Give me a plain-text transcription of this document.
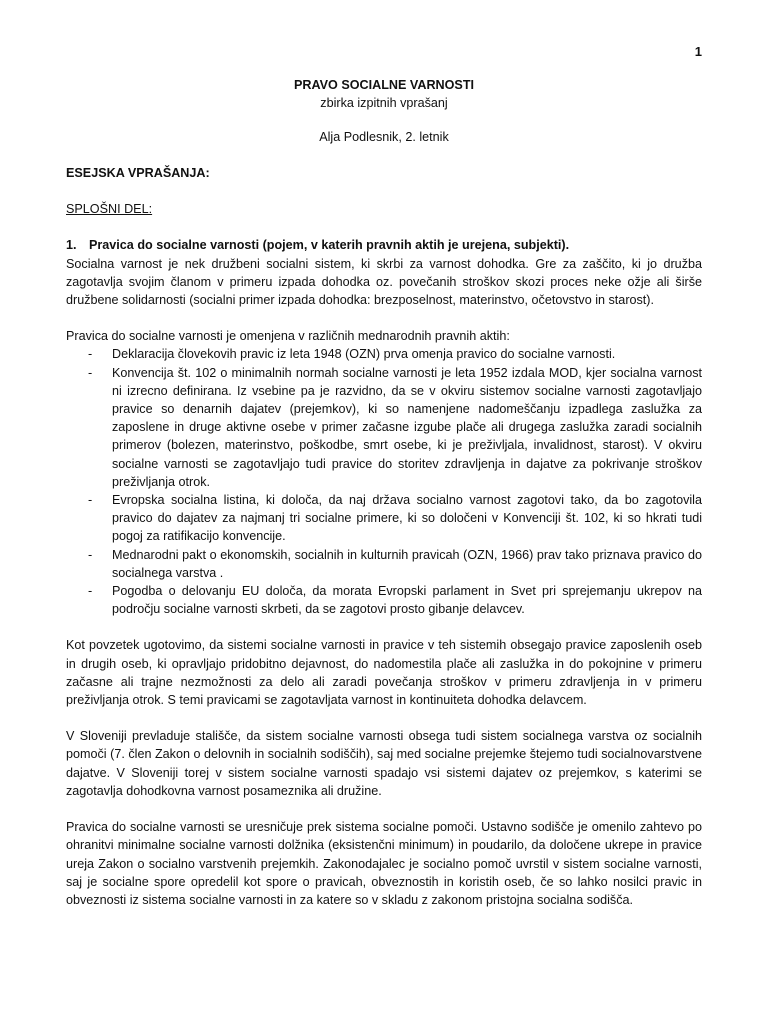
1
PRAVO SOCIALNE VARNOSTI
zbirka izpitnih vprašanj
Alja Podlesnik, 2. letnik
ESEJSKA VPRAŠANJA:
SPLOŠNI DEL:
1. Pravica do socialne varnosti (pojem, v katerih pravnih aktih je urejena, subjekti).

Socialna varnost je nek družbeni socialni sistem, ki skrbi za varnost dohodka. Gre za zaščito, ki jo družba zagotavlja svojim članom v primeru izpada dohodka oz. povečanih stroškov skozi proces neke ožje ali širše družbene solidarnosti (socialni primer izpada dohodka: brezposelnost, materinstvo, očetovstvo in starost).

Pravica do socialne varnosti je omenjena v različnih mednarodnih pravnih aktih:

-	Deklaracija človekovih pravic iz leta 1948 (OZN) prva omenja pravico do socialne varnosti.
-	Konvencija št. 102 o minimalnih normah socialne varnosti je leta 1952 izdala MOD, kjer socialna varnost ni izrecno definirana. Iz vsebine pa je razvidno, da se v okviru sistemov socialne varnosti zagotavljajo pravice so denarnih dajatev (prejemkov), ki so namenjene nadomeščanju izpadlega zaslužka za zaposlene in druge aktivne osebe v primer začasne izgube plače ali drugega zaslužka zaradi socialnih primerov (bolezen, materinstvo, poškodbe, smrt osebe, ki je preživljala, invalidnost, starost). V okviru socialne varnosti se zagotavljajo tudi pravice do storitev zdravljenja in dajatve za pokrivanje stroškov preživljanja otrok.
-	Evropska socialna listina, ki določa, da naj država socialno varnost zagotovi tako, da bo zagotovila pravico do dajatev za najmanj tri socialne primere, ki so določeni v Konvenciji št. 102, ki so hkrati tudi pogoj za ratifikacijo konvencije.
-	Mednarodni pakt o ekonomskih, socialnih in kulturnih pravicah (OZN, 1966) prav tako priznava pravico do socialnega varstva .
-	Pogodba o delovanju EU določa, da morata Evropski parlament in Svet pri sprejemanju ukrepov na področju socialne varnosti skrbeti, da se zagotovi prosto gibanje delavcev.

Kot povzetek ugotovimo, da sistemi socialne varnosti in pravice v teh sistemih obsegajo pravice zaposlenih oseb in drugih oseb, ki opravljajo pridobitno dejavnost, do nadomestila plače ali zaslužka in do pokojnine v primeru začasne ali trajne nezmožnosti za delo ali zaradi povečanja stroškov v primeru zdravljenja in v primeru preživljanja otrok. S temi pravicami se zagotavljata varnost in kontinuiteta dohodka delavcem.

V Sloveniji prevladuje stališče, da sistem socialne varnosti obsega tudi sistem socialnega varstva oz socialnih pomoči (7. člen Zakon o delovnih in socialnih sodiščih), saj med socialne prejemke štejemo tudi socialnovarstvene dajatve. V Sloveniji torej v sistem socialne varnosti spadajo vsi sistemi dajatev oz prejemkov, s katerimi se zagotavlja dohodkovna varnost posameznika ali družine.

Pravica do socialne varnosti se uresničuje prek sistema socialne pomoči. Ustavno sodišče je omenilo zahtevo po ohranitvi minimalne socialne varnosti dolžnika (eksistenčni minimum) in poudarilo, da določene ukrepe in pravice ureja Zakon o socialno varstvenih prejemkih. Zakonodajalec je socialno pomoč uvrstil v sistem socialne varnosti, saj je socialne spore opredelil kot spore o pravicah, obveznostih in koristih oseb, če so lahko nosilci pravic in obveznosti iz sistema socialne varnosti in za katere so v skladu z zakonom pristojna socialna sodišča.
